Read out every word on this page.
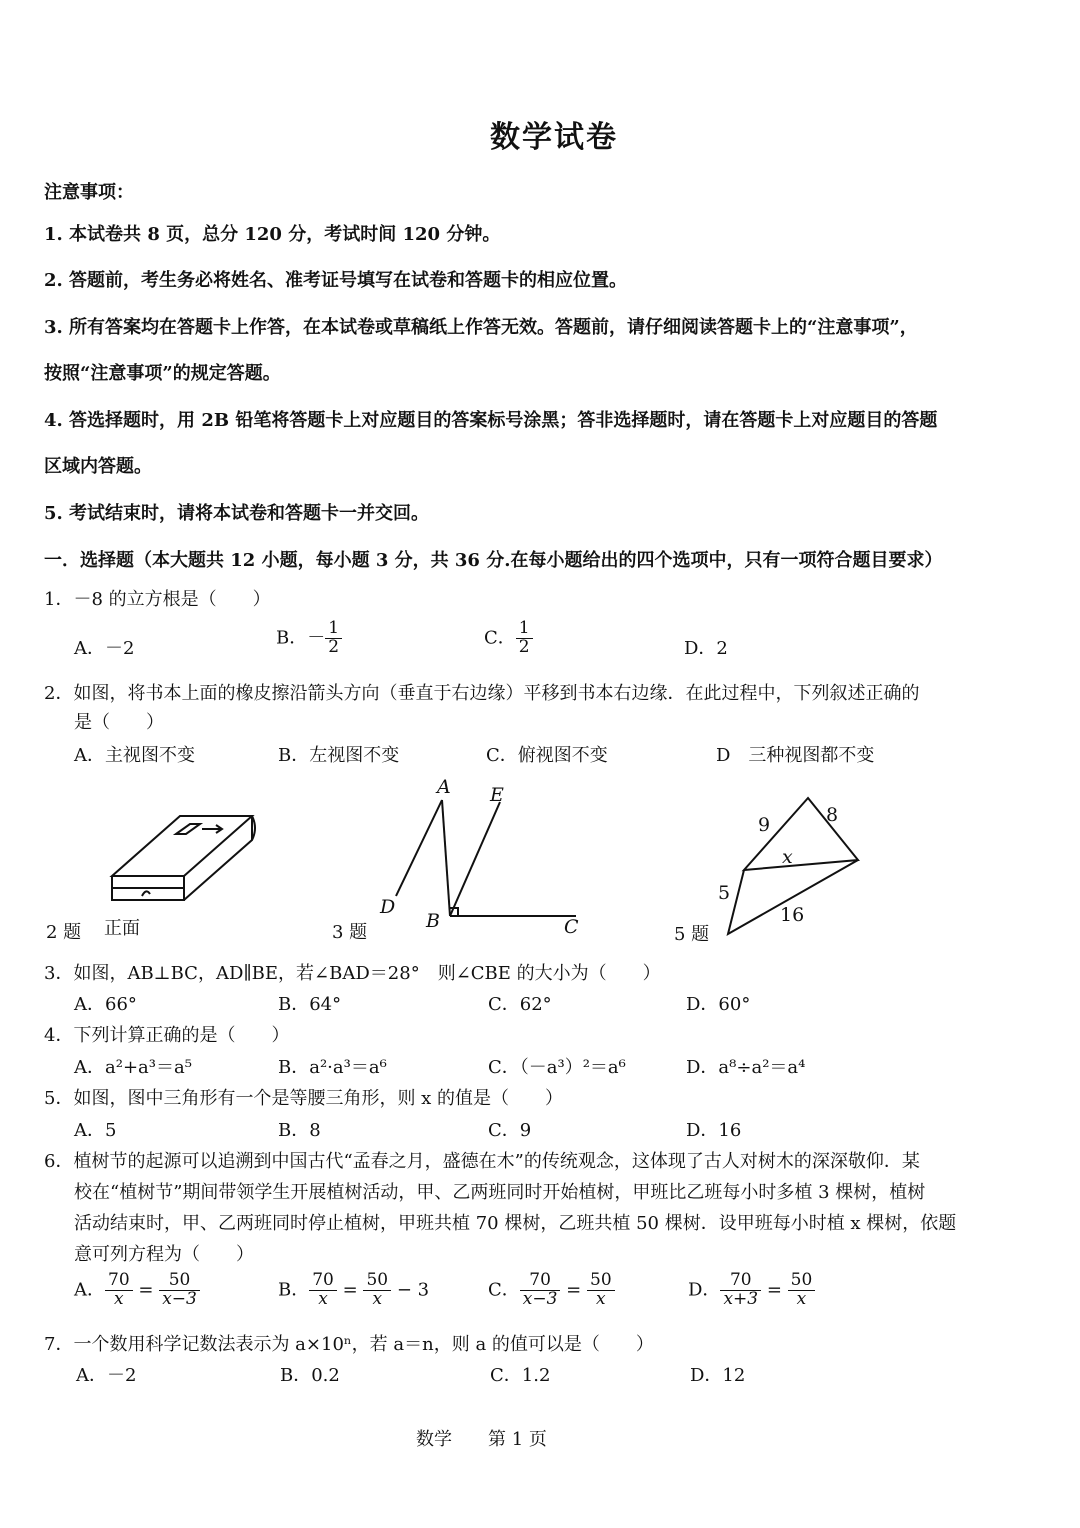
数学试卷
注意事项：
1. 本试卷共 8 页，总分 120 分，考试时间 120 分钟。
2. 答题前，考生务必将姓名、准考证号填写在试卷和答题卡的相应位置。
3. 所有答案均在答题卡上作答，在本试卷或草稿纸上作答无效。答题前，请仔细阅读答题卡上的“注意事项”，
按照“注意事项”的规定答题。
4. 答选择题时，用 2B 铅笔将答题卡上对应题目的答案标号涂黑；答非选择题时，请在答题卡上对应题目的答题
区域内答题。
5. 考试结束时，请将本试卷和答题卡一并交回。
一．选择题（本大题共 12 小题，每小题 3 分，共 36 分.在每小题给出的四个选项中，只有一项符合题目要求）
1．－8 的立方根是（　　）
A．－2
B．－ $\frac{1}{2}$	C． $\frac{1}{2}$	D．2
2．如图，将书本上面的橡皮擦沿箭头方向（垂直于右边缘）平移到书本右边缘．在此过程中，下列叙述正确的
是（　　）
A．主视图不变	B．左视图不变	C．俯视图不变	D　三种视图都不变
2 题 正面
A E
D
B	C
3 题
9	8
x
5
16
5 题
3．如图，AB⊥BC，AD∥BE，若∠BAD＝28°　则∠CBE 的大小为（　　）
A．66°	B．64°	C．62°	D．60°
4．下列计算正确的是（　　）
A．a²+a³＝a⁵	B．a²·a³＝a⁶	C．（－a³）²＝a⁶	D．a⁸÷a²＝a⁴
5．如图，图中三角形有一个是等腰三角形，则 x 的值是（　　）
A．5	B．8	C．9	D．16
6．植树节的起源可以追溯到中国古代“孟春之月，盛德在木”的传统观念，这体现了古人对树木的深深敬仰．某
校在“植树节”期间带领学生开展植树活动，甲、乙两班同时开始植树，甲班比乙班每小时多植 3 棵树，植树
活动结束时，甲、乙两班同时停止植树，甲班共植 70 棵树，乙班共植 50 棵树．设甲班每小时植 x 棵树，依题
意可列方程为（　　）
A． $\frac{70}{x} = \frac{50}{x-3}$	B． $\frac{70}{x} = \frac{50}{x} - 3$	C． $\frac{70}{x-3} = \frac{50}{x}$	D． $\frac{70}{x+3} = \frac{50}{x}$
7．一个数用科学记数法表示为 a×10ⁿ，若 a＝n，则 a 的值可以是（　　）
A．－2	B．0.2	C．1.2	D．12
数学　　第 1 页
